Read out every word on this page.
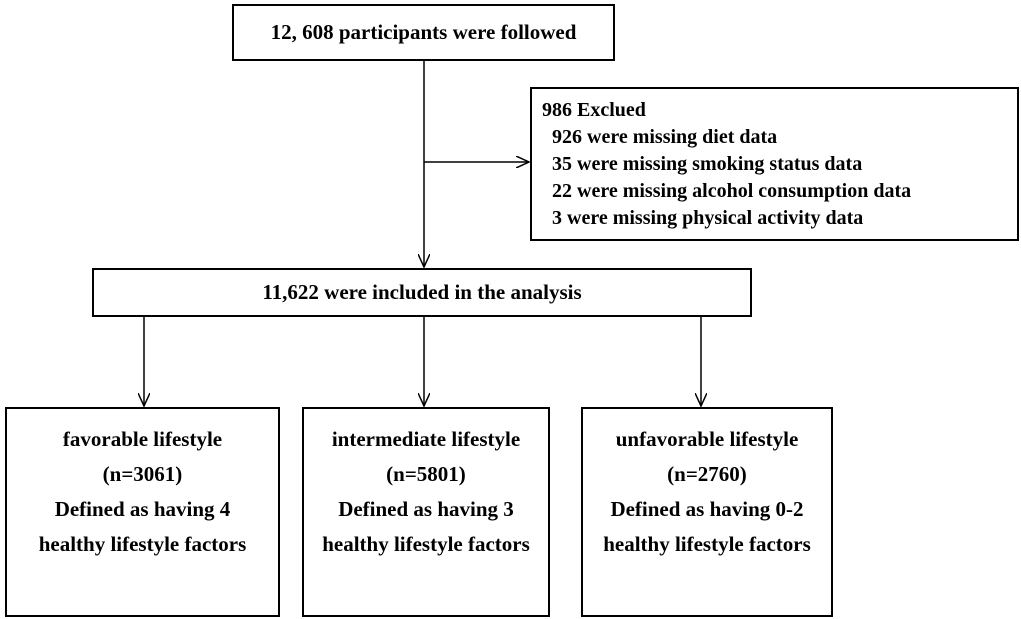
12, 608 participants were followed
986 Exclued
926 were missing diet data
35 were missing smoking status data
22 were missing alcohol consumption data
3 were missing physical activity data
11,622 were included in the analysis
favorable lifestyle
(n=3061)
Defined as having 4
healthy lifestyle factors
intermediate lifestyle
(n=5801)
Defined as having 3
healthy lifestyle factors
unfavorable lifestyle
(n=2760)
Defined as having 0-2
healthy lifestyle factors
